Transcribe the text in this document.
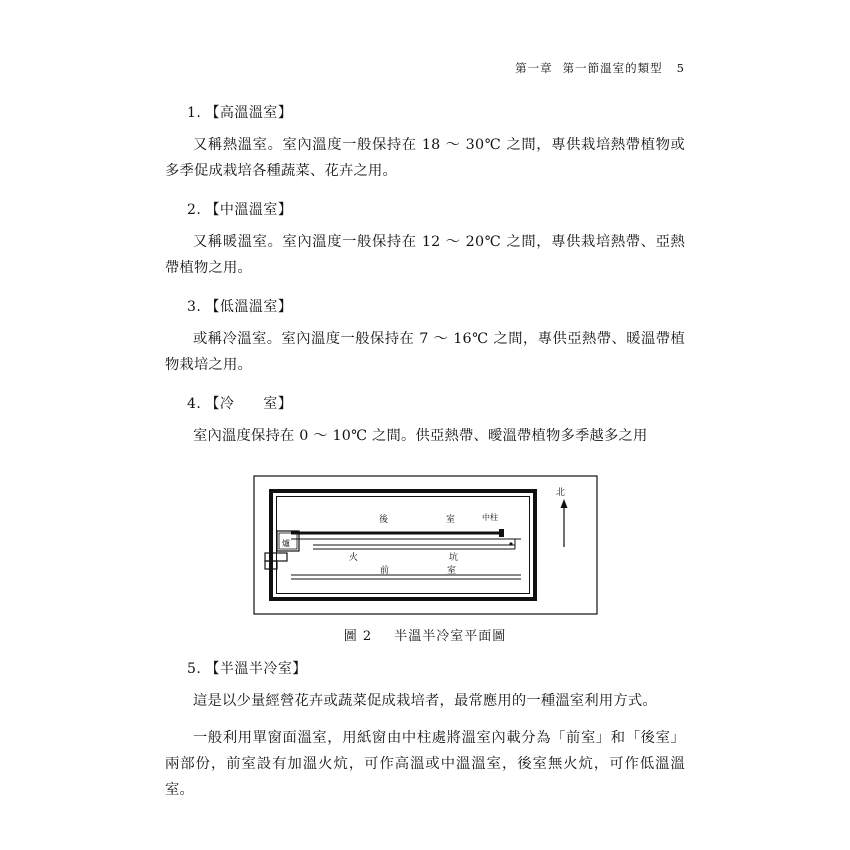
第一章 第一節溫室的類型 5
1. 【高溫溫室】

又稱熱溫室。室內溫度一般保持在 18 ～ 30℃ 之間，專供栽培熱帶植物或多季促成栽培各種蔬菜、花卉之用。

2. 【中溫溫室】

又稱暖溫室。室內溫度一般保持在 12 ～ 20℃ 之間，專供栽培熱帶、亞熱帶植物之用。

3. 【低溫溫室】

或稱冷溫室。室內溫度一般保持在 7 ～ 16℃ 之間，專供亞熱帶、暖溫帶植物栽培之用。

4. 【冷　　室】

室內溫度保持在 0 ～ 10℃ 之間。供亞熱帶、曖溫帶植物多季越多之用

北
後	室	中柱
爐
火	坑
前	室
圖 2 半溫半冷室平面圖
5. 【半溫半冷室】

這是以少量經營花卉或蔬菜促成栽培者，最常應用的一種溫室利用方式。

一般利用單窗面溫室，用紙窗由中柱處將溫室內載分為「前室」和「後室」兩部份，前室設有加溫火炕，可作高溫或中溫溫室，後室無火炕，可作低溫溫室。
